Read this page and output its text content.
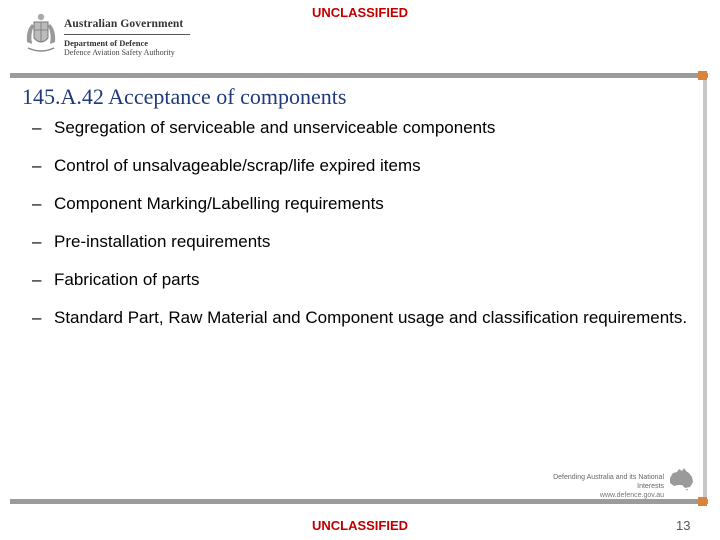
UNCLASSIFIED
Australian Government
Department of Defence
Defence Aviation Safety Authority
145.A.42 Acceptance of components
– Segregation of serviceable and unserviceable components
– Control of unsalvageable/scrap/life expired items
– Component Marking/Labelling requirements
– Pre-installation requirements
– Fabrication of parts
– Standard Part, Raw Material and Component usage and classification requirements.
Defending Australia and its National Interests
www.defence.gov.au
UNCLASSIFIED	13
